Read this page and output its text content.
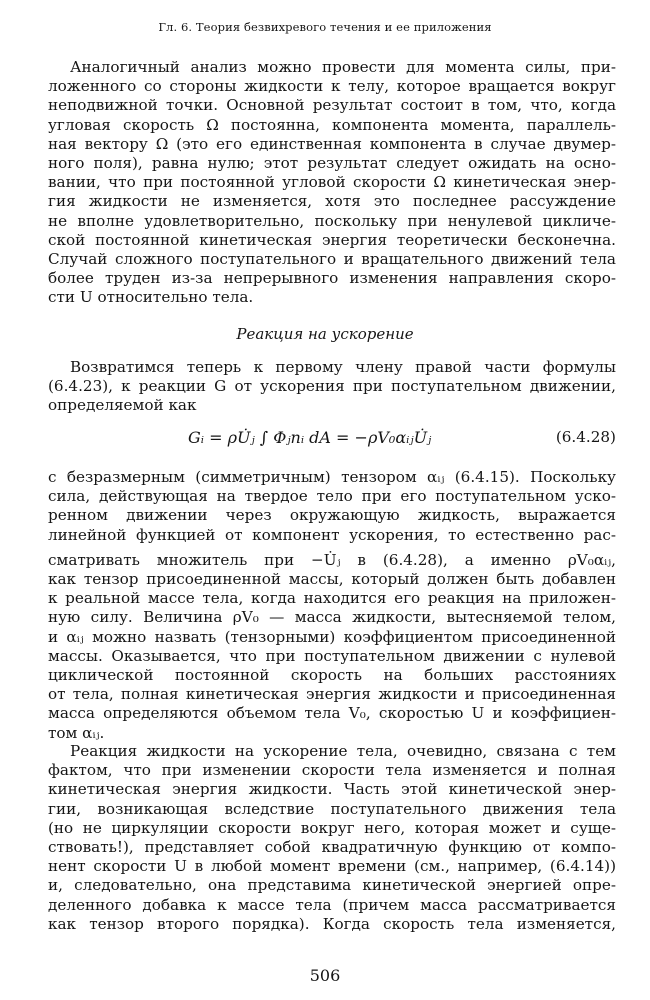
Гл. 6. Теория безвихревого течения и ее приложения
Аналогичный анализ можно провести для момента силы, при-
ложенного со стороны жидкости к телу, которое вращается вокруг
неподвижной точки. Основной результат состоит в том, что, когда
угловая скорость Ω постоянна, компонента момента, параллель-
ная вектору Ω (это его единственная компонента в случае двумер-
ного поля), равна нулю; этот результат следует ожидать на осно-
вании, что при постоянной угловой скорости Ω кинетическая энер-
гия жидкости не изменяется, хотя это последнее рассуждение
не вполне удовлетворительно, поскольку при ненулевой цикличе-
ской постоянной кинетическая энергия теоретически бесконечна.
Случай сложного поступательного и вращательного движений тела
более труден из-за непрерывного изменения направления скоро-
сти U относительно тела.
Реакция на ускорение
Возвратимся теперь к первому члену правой части формулы
(6.4.23), к реакции G от ускорения при поступательном движении,
определяемой как
Gᵢ = ρU̇ⱼ ∫ Φⱼnᵢ dA = −ρV₀αᵢⱼU̇ⱼ	(6.4.28)
с безразмерным (симметричным) тензором αᵢⱼ (6.4.15). Поскольку
сила, действующая на твердое тело при его поступательном уско-
ренном движении через окружающую жидкость, выражается
линейной функцией от компонент ускорения, то естественно рас-
сматривать множитель при −U̇ⱼ в (6.4.28), а именно ρV₀αᵢⱼ,
как тензор присоединенной массы, который должен быть добавлен
к реальной массе тела, когда находится его реакция на приложен-
ную силу. Величина ρV₀ — масса жидкости, вытесняемой телом,
и αᵢⱼ можно назвать (тензорными) коэффициентом присоединенной
массы. Оказывается, что при поступательном движении с нулевой
циклической постоянной скорость на больших расстояниях
от тела, полная кинетическая энергия жидкости и присоединенная
масса определяются объемом тела V₀, скоростью U и коэффициен-
том αᵢⱼ.
Реакция жидкости на ускорение тела, очевидно, связана с тем
фактом, что при изменении скорости тела изменяется и полная
кинетическая энергия жидкости. Часть этой кинетической энер-
гии, возникающая вследствие поступательного движения тела
(но не циркуляции скорости вокруг него, которая может и суще-
ствовать!), представляет собой квадратичную функцию от компо-
нент скорости U в любой момент времени (см., например, (6.4.14))
и, следовательно, она представима кинетической энергией опре-
деленного добавка к массе тела (причем масса рассматривается
как тензор второго порядка). Когда скорость тела изменяется,
506
